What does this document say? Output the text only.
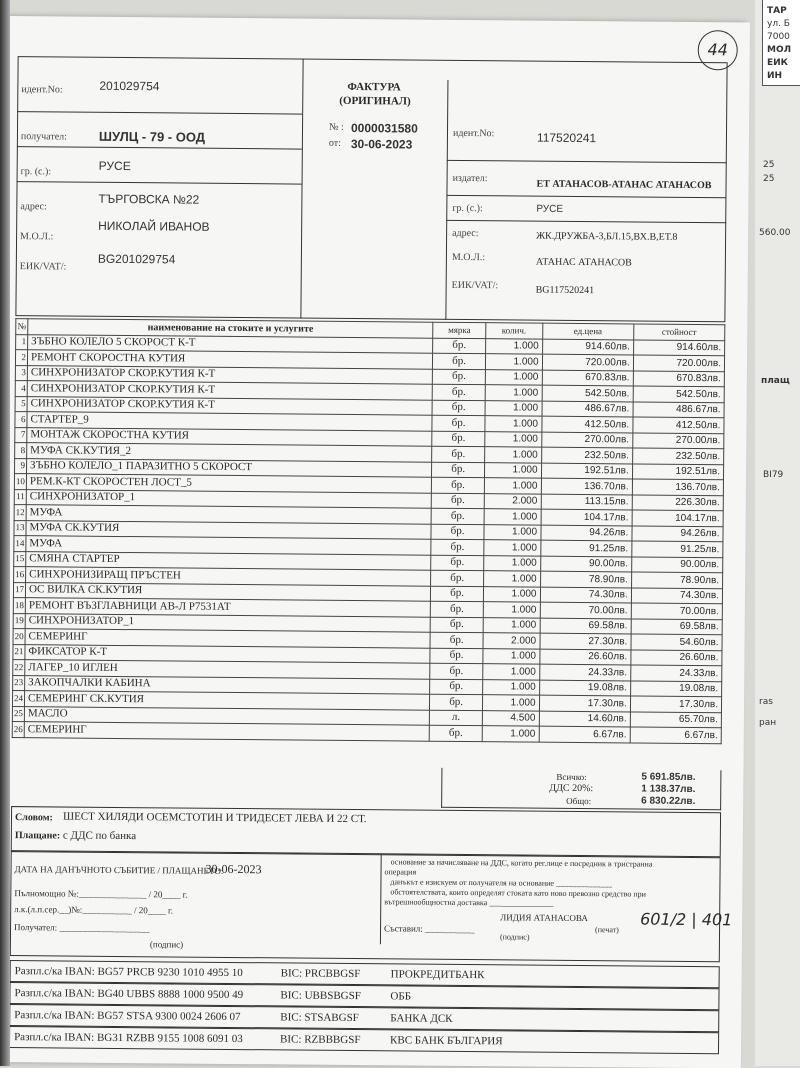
ТАР
ул. Б
7000
МОЛ
ЕИК
ИН
25
25
560.00
плащ
BI79
ras
ран
44
идент.No:	201029754
получател: ШУЛЦ - 79 - ООД
гр. (с.):	РУСЕ
адрес:
ТЪРГОВСКА №22
М.О.Л.:
НИКОЛАЙ ИВАНОВ
ЕИК/VAT/:
BG201029754
ФАКТУРА
(ОРИГИНАЛ)
№ : 0000031580
от: 30-06-2023
идент.No:	117520241
издател:
ЕТ АТАНАСОВ-АТАНАС АТАНАСОВ
гр. (с.):	РУСЕ
адрес:	ЖК.ДРУЖБА-3,БЛ.15,ВХ.В,ЕТ.8
М.О.Л.:	АТАНАС АТАНАСОВ
ЕИК/VAT/:	BG117520241
№	наименование на стоките и услугите	мярка	колич.	ед.цена	стойност
1	ЗЪБНО КОЛЕЛО 5 СКОРОСТ К-Т	бр.	1.000	914.60лв.	914.60лв.
2	РЕМОНТ СКОРОСТНА КУТИЯ	бр.	1.000	720.00лв.	720.00лв.
3	СИНХРОНИЗАТОР СКОР.КУТИЯ К-Т	бр.	1.000	670.83лв.	670.83лв.
4	СИНХРОНИЗАТОР СКОР.КУТИЯ К-Т	бр.	1.000	542.50лв.	542.50лв.
5	СИНХРОНИЗАТОР СКОР.КУТИЯ К-Т	бр.	1.000	486.67лв.	486.67лв.
6	СТАРТЕР_9	бр.	1.000	412.50лв.	412.50лв.
7	МОНТАЖ СКОРОСТНА КУТИЯ	бр.	1.000	270.00лв.	270.00лв.
8	МУФА СК.КУТИЯ_2	бр.	1.000	232.50лв.	232.50лв.
9	ЗЪБНО КОЛЕЛО_1 ПАРАЗИТНО 5 СКОРОСТ	бр.	1.000	192.51лв.	192.51лв.
10	РЕМ.К-КТ СКОРОСТЕН ЛОСТ_5	бр.	1.000	136.70лв.	136.70лв.
11	СИНХРОНИЗАТОР_1	бр.	2.000	113.15лв.	226.30лв.
12	МУФА	бр.	1.000	104.17лв.	104.17лв.
13	МУФА СК.КУТИЯ	бр.	1.000	94.26лв.	94.26лв.
14	МУФА	бр.	1.000	91.25лв.	91.25лв.
15	СМЯНА СТАРТЕР	бр.	1.000	90.00лв.	90.00лв.
16	СИНХРОНИЗИРАЩ ПРЪСТЕН	бр.	1.000	78.90лв.	78.90лв.
17	ОС ВИЛКА СК.КУТИЯ	бр.	1.000	74.30лв.	74.30лв.
18	РЕМОНТ ВЪЗГЛАВНИЦИ АВ-Л Р7531АТ	бр.	1.000	70.00лв.	70.00лв.
19	СИНХРОНИЗАТОР_1	бр.	1.000	69.58лв.	69.58лв.
20	СЕМЕРИНГ	бр.	2.000	27.30лв.	54.60лв.
21	ФИКСАТОР К-Т	бр.	1.000	26.60лв.	26.60лв.
22	ЛАГЕР_10 ИГЛЕН	бр.	1.000	24.33лв.	24.33лв.
23	ЗАКОПЧАЛКИ КАБИНА	бр.	1.000	19.08лв.	19.08лв.
24	СЕМЕРИНГ СК.КУТИЯ	бр.	1.000	17.30лв.	17.30лв.
25	МАСЛО	л.	4.500	14.60лв.	65.70лв.
26	СЕМЕРИНГ	бр.	1.000	6.67лв.	6.67лв.
Всичко:	5 691.85лв.
ДДС 20%:	1 138.37лв.
Общо:	6 830.22лв.
Словом: ШЕСТ ХИЛЯДИ ОСЕМСТОТИН И ТРИДЕСЕТ ЛЕВА И 22 СТ.
Плащане: с ДДС по банка
ДАТА НА ДАНЪЧНОТО СЪБИТИЕ / ПЛАЩАНЕТО:
30-06-2023
Пълномощно №:_______________ / 20____ г.
л.к.(л.п.сер.__)№:___________ / 20____ г.
Получател: ____________________
(подпис)
основание за начисляване на ДДС, когато рег.лице е посредник в тристранна
операция
данъкът е изискуем от получателя на основание ______________
обстоятелствата, които определят стоката като ново превозно средство при
вътрешнообщностна доставка ________________
Съставил: ___________
ЛИДИЯ АТАНАСОВА
(подпис)
(печат)
601/2 | 401
Разпл.с/ка IBAN: BG57 PRCB 9230 1010 4955 10	BIC: PRCBBGSF	ПРОКРЕДИТБАНК
Разпл.с/ка IBAN: BG40 UBBS 8888 1000 9500 49	BIC: UBBSBGSF	ОББ
Разпл.с/ка IBAN: BG57 STSA 9300 0024 2606 07	BIC: STSABGSF	БАНКА ДСК
Разпл.с/ка IBAN: BG31 RZBB 9155 1008 6091 03	BIC: RZBBBGSF	КВС БАНК БЪЛГАРИЯ
